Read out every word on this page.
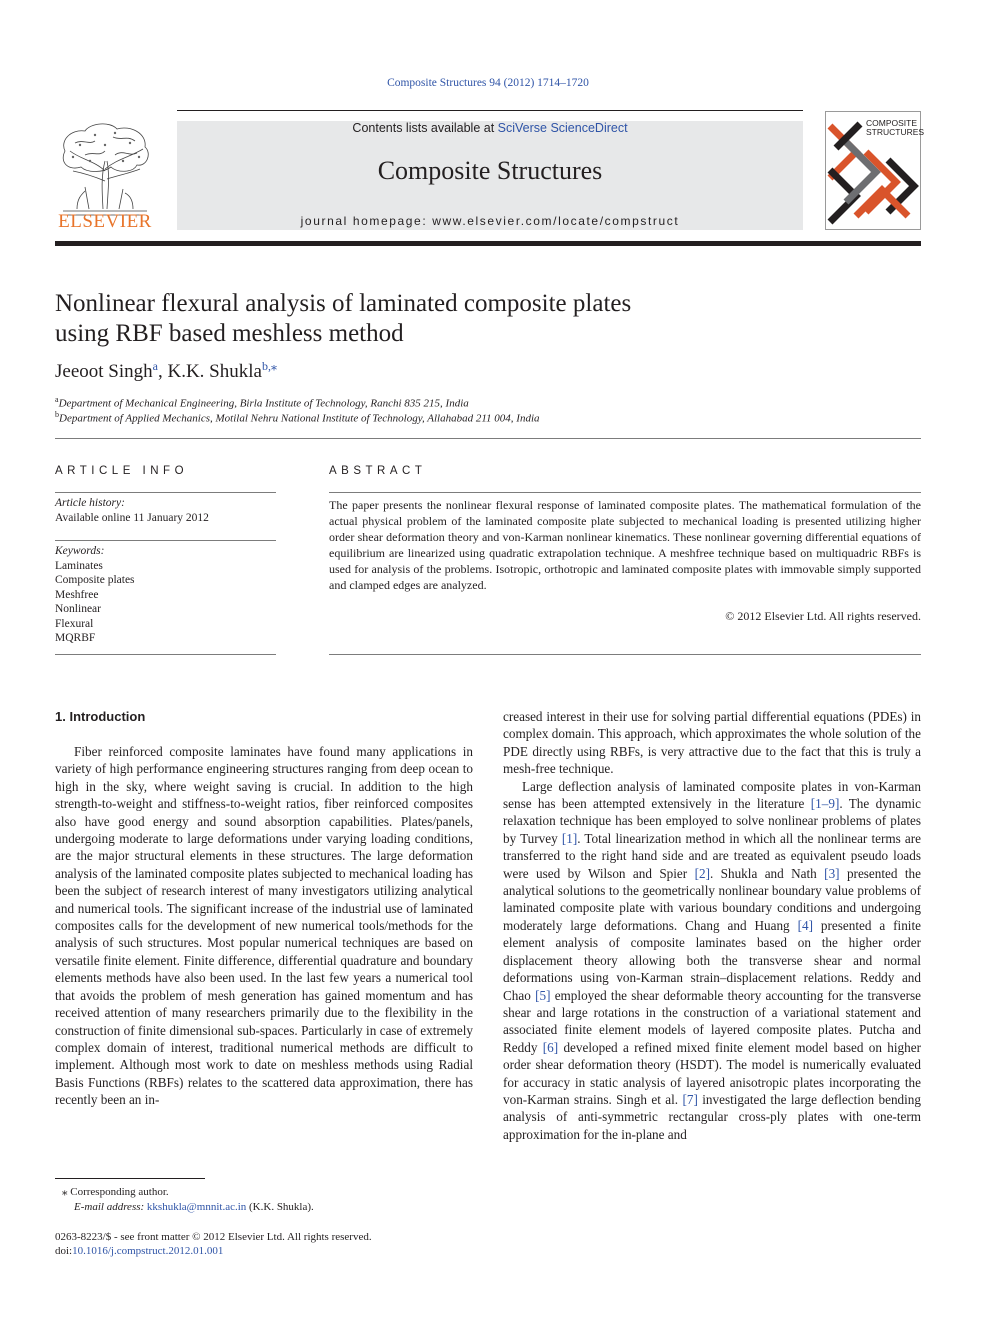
Composite Structures 94 (2012) 1714–1720
ELSEVIER
Contents lists available at SciVerse ScienceDirect
Composite Structures
journal homepage: www.elsevier.com/locate/compstruct
COMPOSITE
STRUCTURES
Nonlinear flexural analysis of laminated composite plates
using RBF based meshless method
Jeeoot Singh$^a$, K.K. Shukla$^{b,⁎}$
$^a$Department of Mechanical Engineering, Birla Institute of Technology, Ranchi 835 215, India
$^b$Department of Applied Mechanics, Motilal Nehru National Institute of Technology, Allahabad 211 004, India
ARTICLE INFO
Article history:
Available online 11 January 2012
Keywords:
Laminates
Composite plates
Meshfree
Nonlinear
Flexural
MQRBF
ABSTRACT
The paper presents the nonlinear flexural response of laminated composite plates. The mathematical formulation of the actual physical problem of the laminated composite plate subjected to mechanical loading is presented utilizing higher order shear deformation theory and von-Karman nonlinear kinematics. These nonlinear governing differential equations of equilibrium are linearized using quadratic extrapolation technique. A meshfree technique based on multiquadric RBFs is used for analysis of the problems. Isotropic, orthotropic and laminated composite plates with immovable simply supported and clamped edges are analyzed.
© 2012 Elsevier Ltd. All rights reserved.
1. Introduction

Fiber reinforced composite laminates have found many applications in variety of high performance engineering structures ranging from deep ocean to high in the sky, where weight saving is crucial. In addition to the high strength-to-weight and stiffness-to-weight ratios, fiber reinforced composites also have good energy and sound absorption capabilities. Plates/panels, undergoing moderate to large deformations under varying loading conditions, are the major structural elements in these structures. The large deformation analysis of the laminated composite plates subjected to mechanical loading has been the subject of research interest of many investigators utilizing analytical and numerical tools. The significant increase of the industrial use of laminated composites calls for the development of new numerical tools/methods for the analysis of such structures. Most popular numerical techniques are based on versatile finite element. Finite difference, differential quadrature and boundary elements methods have also been used. In the last few years a numerical tool that avoids the problem of mesh generation has gained momentum and has received attention of many researchers primarily due to the flexibility in the construction of finite dimensional sub-spaces. Particularly in case of extremely complex domain of interest, traditional numerical methods are difficult to implement. Although most work to date on meshless methods using Radial Basis Functions (RBFs) relates to the scattered data approximation, there has recently been an in-

creased interest in their use for solving partial differential equations (PDEs) in complex domain. This approach, which approximates the whole solution of the PDE directly using RBFs, is very attractive due to the fact that this is truly a mesh-free technique.

Large deflection analysis of laminated composite plates in von-Karman sense has been attempted extensively in the literature [1–9]. The dynamic relaxation technique has been employed to solve nonlinear problems of plates by Turvey [1]. Total linearization method in which all the nonlinear terms are transferred to the right hand side and are treated as equivalent pseudo loads were used by Wilson and Spier [2]. Shukla and Nath [3] presented the analytical solutions to the geometrically nonlinear boundary value problems of laminated composite plate with various boundary conditions and undergoing moderately large deformations. Chang and Huang [4] presented a finite element analysis of composite laminates based on the higher order displacement theory allowing both the transverse shear and normal deformations using von-Karman strain–displacement relations. Reddy and Chao [5] employed the shear deformable theory accounting for the transverse shear and large rotations in the construction of a variational statement and associated finite element models of layered composite plates. Putcha and Reddy [6] developed a refined mixed finite element model based on higher order shear deformation theory (HSDT). The model is numerically evaluated for accuracy in static analysis of layered anisotropic plates incorporating the von-Karman strains. Singh et al. [7] investigated the large deflection bending analysis of anti-symmetric rectangular cross-ply plates with one-term approximation for the in-plane and

⁎ Corresponding author.
E-mail address: kkshukla@mnnit.ac.in (K.K. Shukla).
0263-8223/$ - see front matter © 2012 Elsevier Ltd. All rights reserved.
doi:10.1016/j.compstruct.2012.01.001
